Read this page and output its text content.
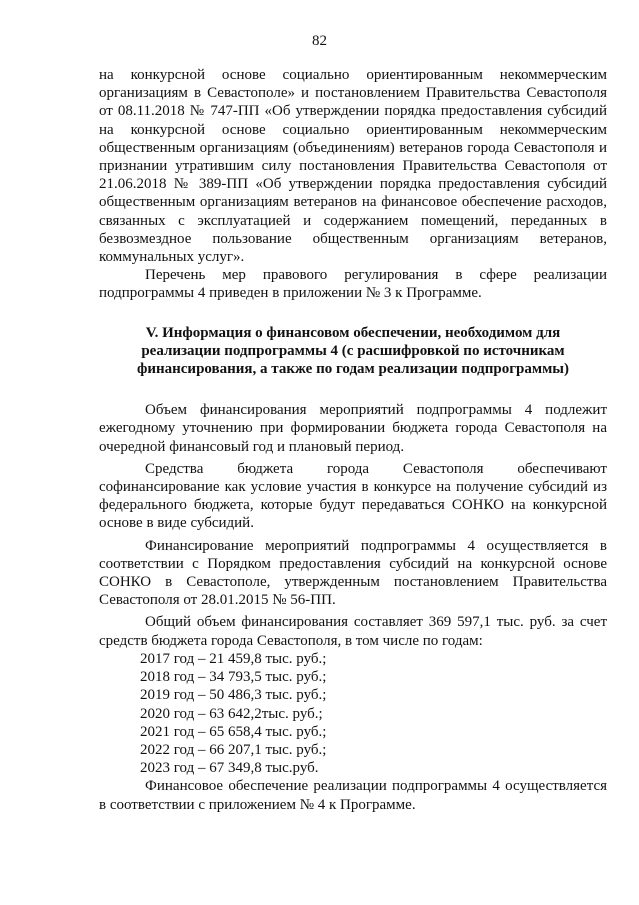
82

на конкурсной основе социально ориентированным некоммерческим организациям в Севастополе» и постановлением Правительства Севастополя от 08.11.2018 № 747-ПП «Об утверждении порядка предоставления субсидий на конкурсной основе социально ориентированным некоммерческим общественным организациям (объединениям) ветеранов города Севастополя и признании утратившим силу постановления Правительства Севастополя от 21.06.2018 № 389-ПП «Об утверждении порядка предоставления субсидий общественным организациям ветеранов на финансовое обеспечение расходов, связанных с эксплуатацией и содержанием помещений, переданных в безвозмездное пользование общественным организациям ветеранов, коммунальных услуг».

Перечень мер правового регулирования в сфере реализации подпрограммы 4 приведен в приложении № 3 к Программе.

V. Информация о финансовом обеспечении, необходимом для
реализации подпрограммы 4 (с расшифровкой по источникам
финансирования, а также по годам реализации подпрограммы)

Объем финансирования мероприятий подпрограммы 4 подлежит ежегодному уточнению при формировании бюджета города Севастополя на очередной финансовый год и плановый период.

Средства бюджета города Севастополя обеспечивают софинансирование как условие участия в конкурсе на получение субсидий из федерального бюджета, которые будут передаваться СОНКО на конкурсной основе в виде субсидий.

Финансирование мероприятий подпрограммы 4 осуществляется в соответствии с Порядком предоставления субсидий на конкурсной основе СОНКО в Севастополе, утвержденным постановлением Правительства Севастополя от 28.01.2015 № 56-ПП.

Общий объем финансирования составляет 369 597,1 тыс. руб. за счет средств бюджета города Севастополя, в том числе по годам:

2017 год – 21 459,8 тыс. руб.;
2018 год – 34 793,5 тыс. руб.;
2019 год – 50 486,3 тыс. руб.;
2020 год – 63 642,2тыс. руб.;
2021 год – 65 658,4 тыс. руб.;
2022 год – 66 207,1 тыс. руб.;
2023 год – 67 349,8 тыс.руб.

Финансовое обеспечение реализации подпрограммы 4 осуществляется в соответствии с приложением № 4 к Программе.
